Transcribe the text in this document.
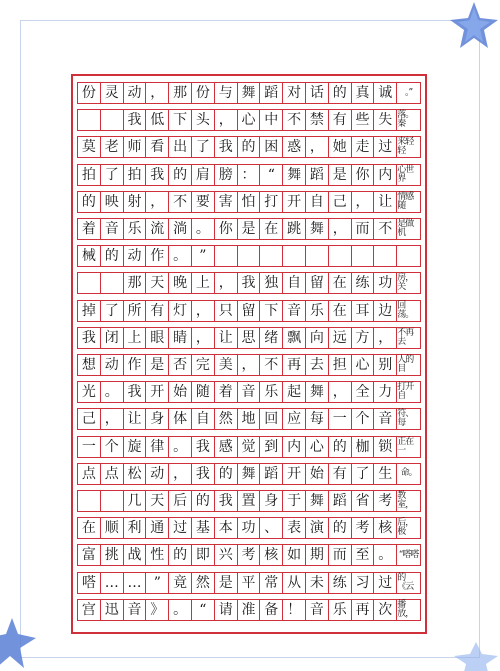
份 灵 动 ， 那 份 与 舞 蹈 对 话 的 真 诚	。”
我 低 下 头 ， 心 中 不 禁 有 些 失 落。秦
莫 老 师 看 出 了 我 的 困 惑 ， 她 走 过 来轻轻
拍 了 拍 我 的 肩 膀 ： “ 舞 蹈 是 你 内 心世界
的 映 射 ， 不 要 害 怕 打 开 自 己 ， 让 情感随
着 音 乐 流 淌 。 你 是 在 跳 舞 ， 而 不 是做机
械 的 动 作 。 ”
那 天 晚 上 ， 我 独 自 留 在 练 功 房，关
掉 了 所 有 灯 ， 只 留 下 音 乐 在 耳 边 回荡。
我 闭 上 眼 睛 ， 让 思 绪 飘 向 远 方 ， 不再去
想 动 作 是 否 完 美 ， 不 再 去 担 心 别 人的目
光 。 我 开 始 随 着 音 乐 起 舞 ， 全 力 打开自
己 ， 让 身 体 自 然 地 回 应 每 一 个 音 符、每
一 个 旋 律 。 我 感 觉 到 内 心 的 枷 锁 正在一
点 点 松 动 ， 我 的 舞 蹈 开 始 有 了 生 命。
几 天 后 的 我 置 身 于 舞 蹈 省 考 教室，
在 顺 利 通 过 基 本 功 、 表 演 的 考 核 后，极
富 挑 战 性 的 即 兴 考 核 如 期 而 至 。 “嗒嗒
嗒 … … ” 竟 然 是 平 常 从 未 练 习 过 的《云
宫 迅 音 》 。 “ 请 准 备 ！ 音 乐 再 次 播放，
